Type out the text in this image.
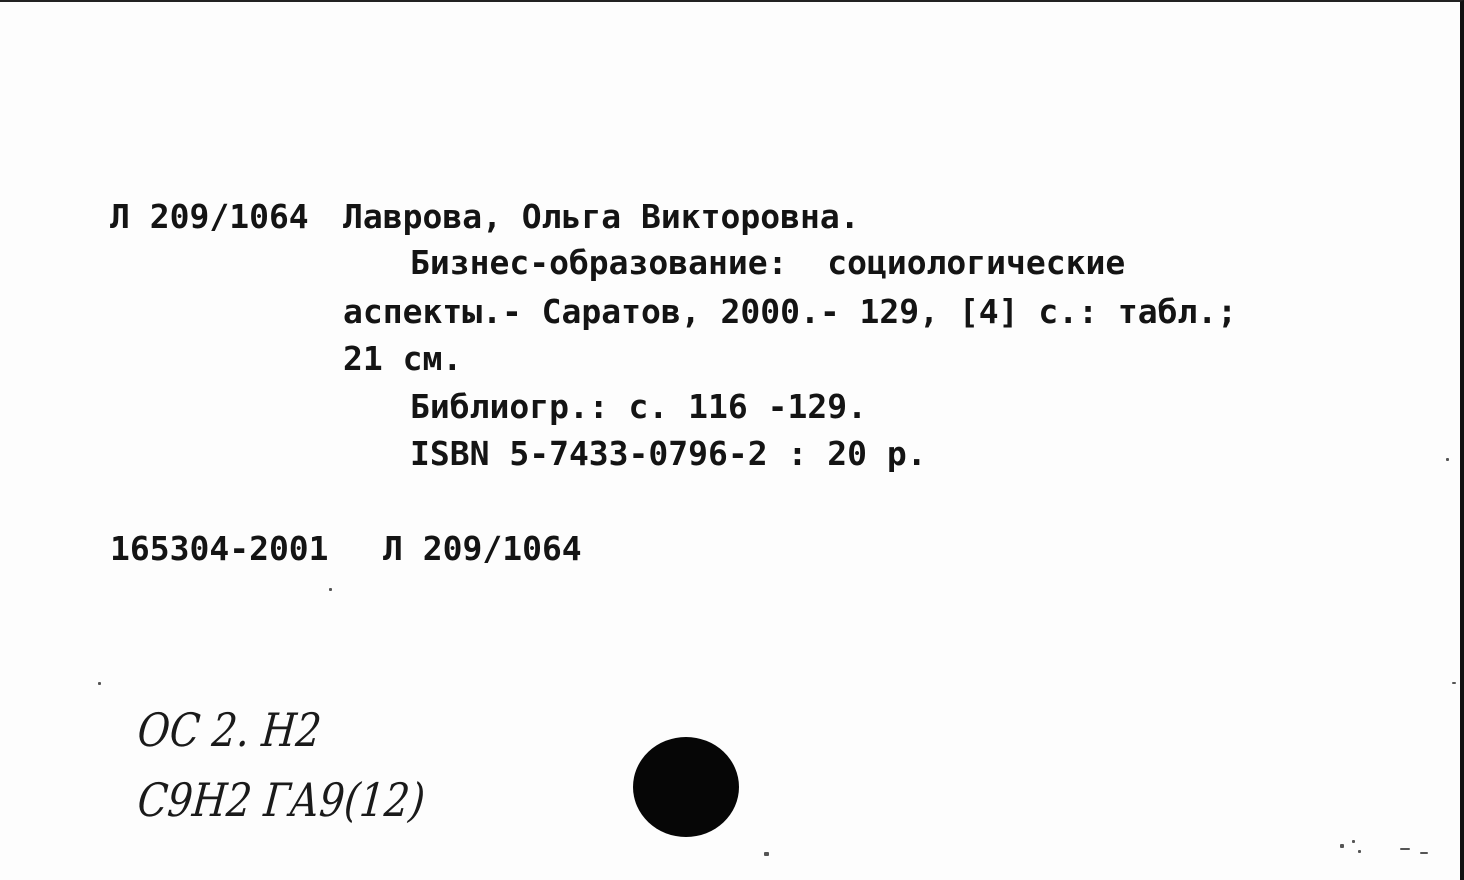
Л 209/1064 Лаврова, Ольга Викторовна.
Бизнес-образование:  социологические
аспекты.- Саратов, 2000.- 129, [4] с.: табл.;
21 см.
Библиогр.: с. 116 -129.
ISBN 5-7433-0796-2 : 20 р.
165304-2001 Л 209/1064
ОС 2. Н2
С9Н2 ГА9(12)
